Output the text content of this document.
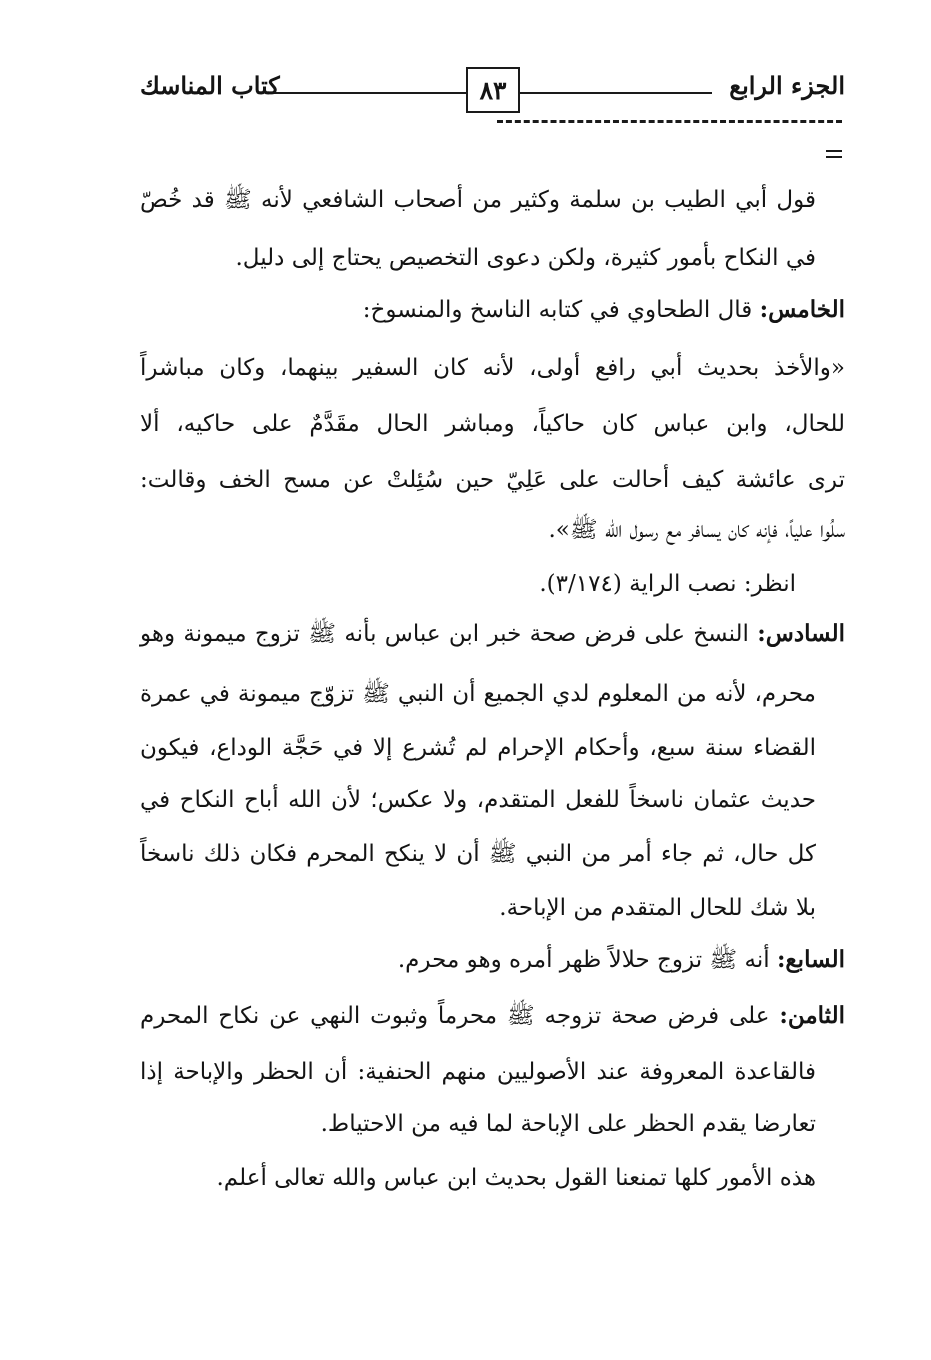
الجزء الرابع
٨٣
كتاب المناسك
قول أبي الطيب بن سلمة وكثير من أصحاب الشافعي لأنه ﷺ قد خُصّ
في النكاح بأمور كثيرة، ولكن دعوى التخصيص يحتاج إلى دليل.
الخامس: قال الطحاوي في كتابه الناسخ والمنسوخ:
«والأخذ بحديث أبي رافع أولى، لأنه كان السفير بينهما، وكان مباشراً
للحال، وابن عباس كان حاكياً، ومباشر الحال مقَدَّمٌ على حاكيه، ألا
ترى عائشة كيف أحالت على عَلِيّ حين سُئِلتْ عن مسح الخف وقالت:
سلُوا علياً، فإنه كان يسافر مع رسول الله ﷺ».
انظر: نصب الراية (٣/١٧٤).
السادس: النسخ على فرض صحة خبر ابن عباس بأنه ﷺ تزوج ميمونة وهو
محرم، لأنه من المعلوم لدي الجميع أن النبي ﷺ تزوّج ميمونة في عمرة
القضاء سنة سبع، وأحكام الإحرام لم تُشرع إلا في حَجَّة الوداع، فيكون
حديث عثمان ناسخاً للفعل المتقدم، ولا عكس؛ لأن الله أباح النكاح في
كل حال، ثم جاء أمر من النبي ﷺ أن لا ينكح المحرم فكان ذلك ناسخاً
بلا شك للحال المتقدم من الإباحة.
السابع: أنه ﷺ تزوج حلالاً ظهر أمره وهو محرم.
الثامن: على فرض صحة تزوجه ﷺ محرماً وثبوت النهي عن نكاح المحرم
فالقاعدة المعروفة عند الأصوليين منهم الحنفية: أن الحظر والإباحة إذا
تعارضا يقدم الحظر على الإباحة لما فيه من الاحتياط.
هذه الأمور كلها تمنعنا القول بحديث ابن عباس والله تعالى أعلم.
